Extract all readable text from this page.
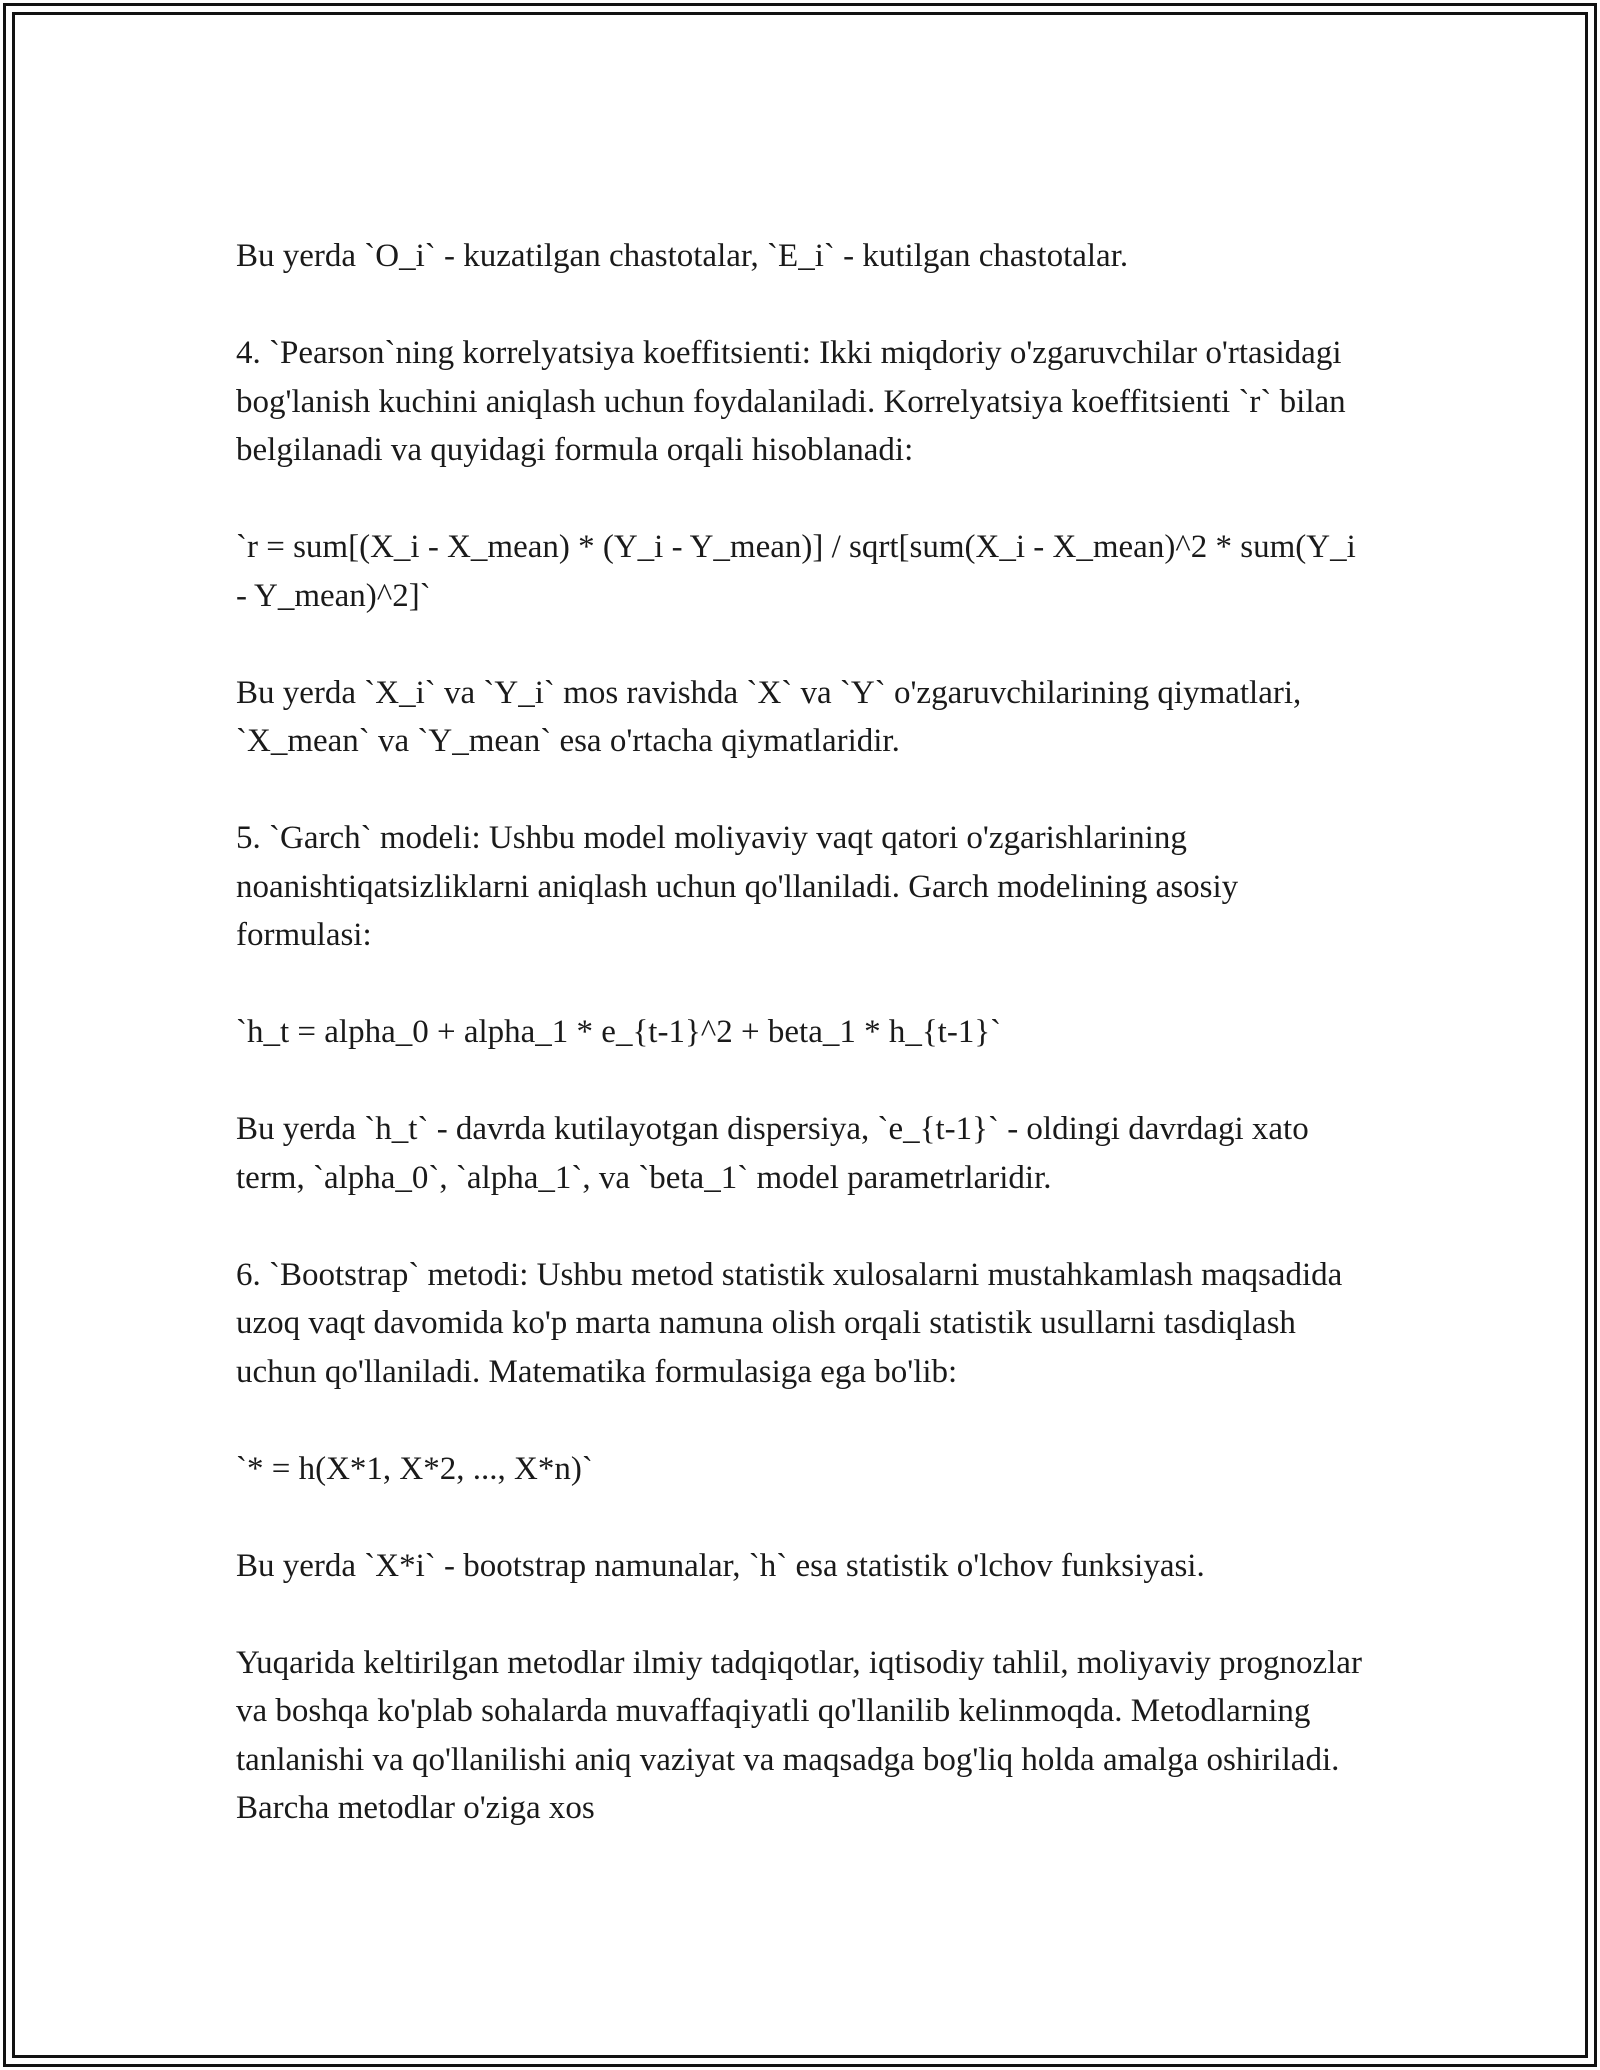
Bu yerda `O_i` - kuzatilgan chastotalar, `E_i` - kutilgan chastotalar.

4. `Pearson`ning korrelyatsiya koeffitsienti: Ikki miqdoriy o'zgaruvchilar o'rtasidagi bog'lanish kuchini aniqlash uchun foydalaniladi. Korrelyatsiya koeffitsienti `r` bilan belgilanadi va quyidagi formula orqali hisoblanadi:

`r = sum[(X_i - X_mean) * (Y_i - Y_mean)] / sqrt[sum(X_i - X_mean)^2 * sum(Y_i - Y_mean)^2]`

Bu yerda `X_i` va `Y_i` mos ravishda `X` va `Y` o'zgaruvchilarining qiymatlari, `X_mean` va `Y_mean` esa o'rtacha qiymatlaridir.

5. `Garch` modeli: Ushbu model moliyaviy vaqt qatori o'zgarishlarining noanishtiqatsizliklarni aniqlash uchun qo'llaniladi. Garch modelining asosiy formulasi:

`h_t = alpha_0 + alpha_1 * e_{t-1}^2 + beta_1 * h_{t-1}`

Bu yerda `h_t` - davrda kutilayotgan dispersiya, `e_{t-1}` - oldingi davrdagi xato term, `alpha_0`, `alpha_1`, va `beta_1` model parametrlaridir.

6. `Bootstrap` metodi: Ushbu metod statistik xulosalarni mustahkamlash maqsadida uzoq vaqt davomida ko'p marta namuna olish orqali statistik usullarni tasdiqlash uchun qo'llaniladi. Matematika formulasiga ega bo'lib:

`* = h(X*1, X*2, ..., X*n)`

Bu yerda `X*i` - bootstrap namunalar, `h` esa statistik o'lchov funksiyasi.

Yuqarida keltirilgan metodlar ilmiy tadqiqotlar, iqtisodiy tahlil, moliyaviy prognozlar va boshqa ko'plab sohalarda muvaffaqiyatli qo'llanilib kelinmoqda. Metodlarning tanlanishi va qo'llanilishi aniq vaziyat va maqsadga bog'liq holda amalga oshiriladi. Barcha metodlar o'ziga xos
